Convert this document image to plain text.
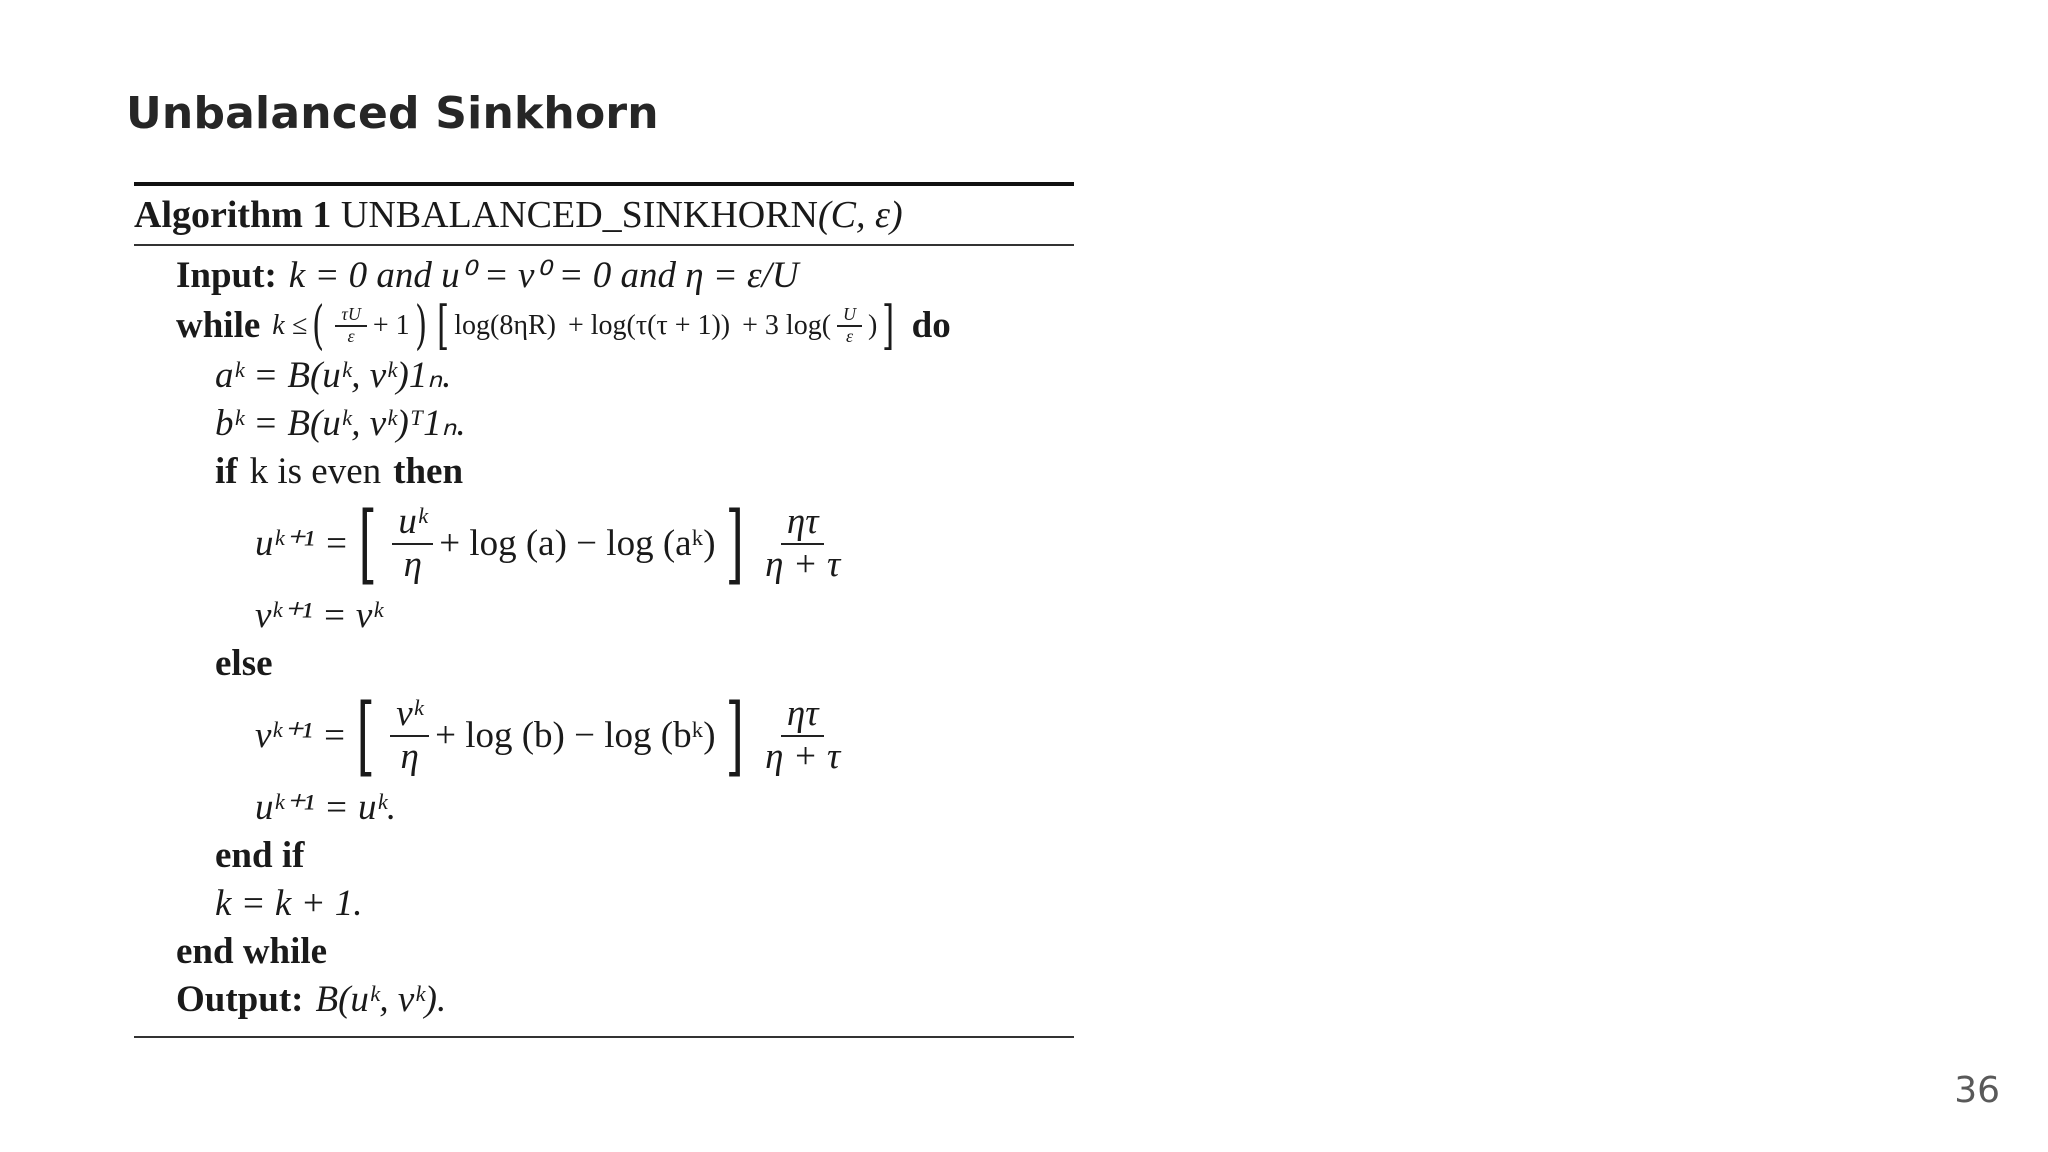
Unbalanced Sinkhorn
Algorithm 1 UNBALANCED_SINKHORN(C, ε)
Input: k = 0 and u⁰ = v⁰ = 0 and η = ε/U
while k ≤ ( $\frac{\tau U}{\varepsilon} + 1$ ) [ log(8ηR) + log(τ(τ + 1)) + 3 $\log( \frac{U}{\varepsilon}$ ) ] do
aᵏ = B(uᵏ, vᵏ)1ₙ.
bᵏ = B(uᵏ, vᵏ)ᵀ1ₙ.
if k is even then
uᵏ⁺¹ = [ $\frac{\text{uᵏ}}{\eta} + \log (a) - \log$ (aᵏ) ] $\frac{\eta\tau}{\eta + \tau}$
vᵏ⁺¹ = vᵏ
else
vᵏ⁺¹ = [ $\frac{\text{vᵏ}}{\eta} + \log (b) - \log$ (bᵏ) ] $\frac{\eta\tau}{\eta + \tau}$
uᵏ⁺¹ = uᵏ.
end if
k = k + 1.
end while
Output: B(uᵏ, vᵏ).
36
